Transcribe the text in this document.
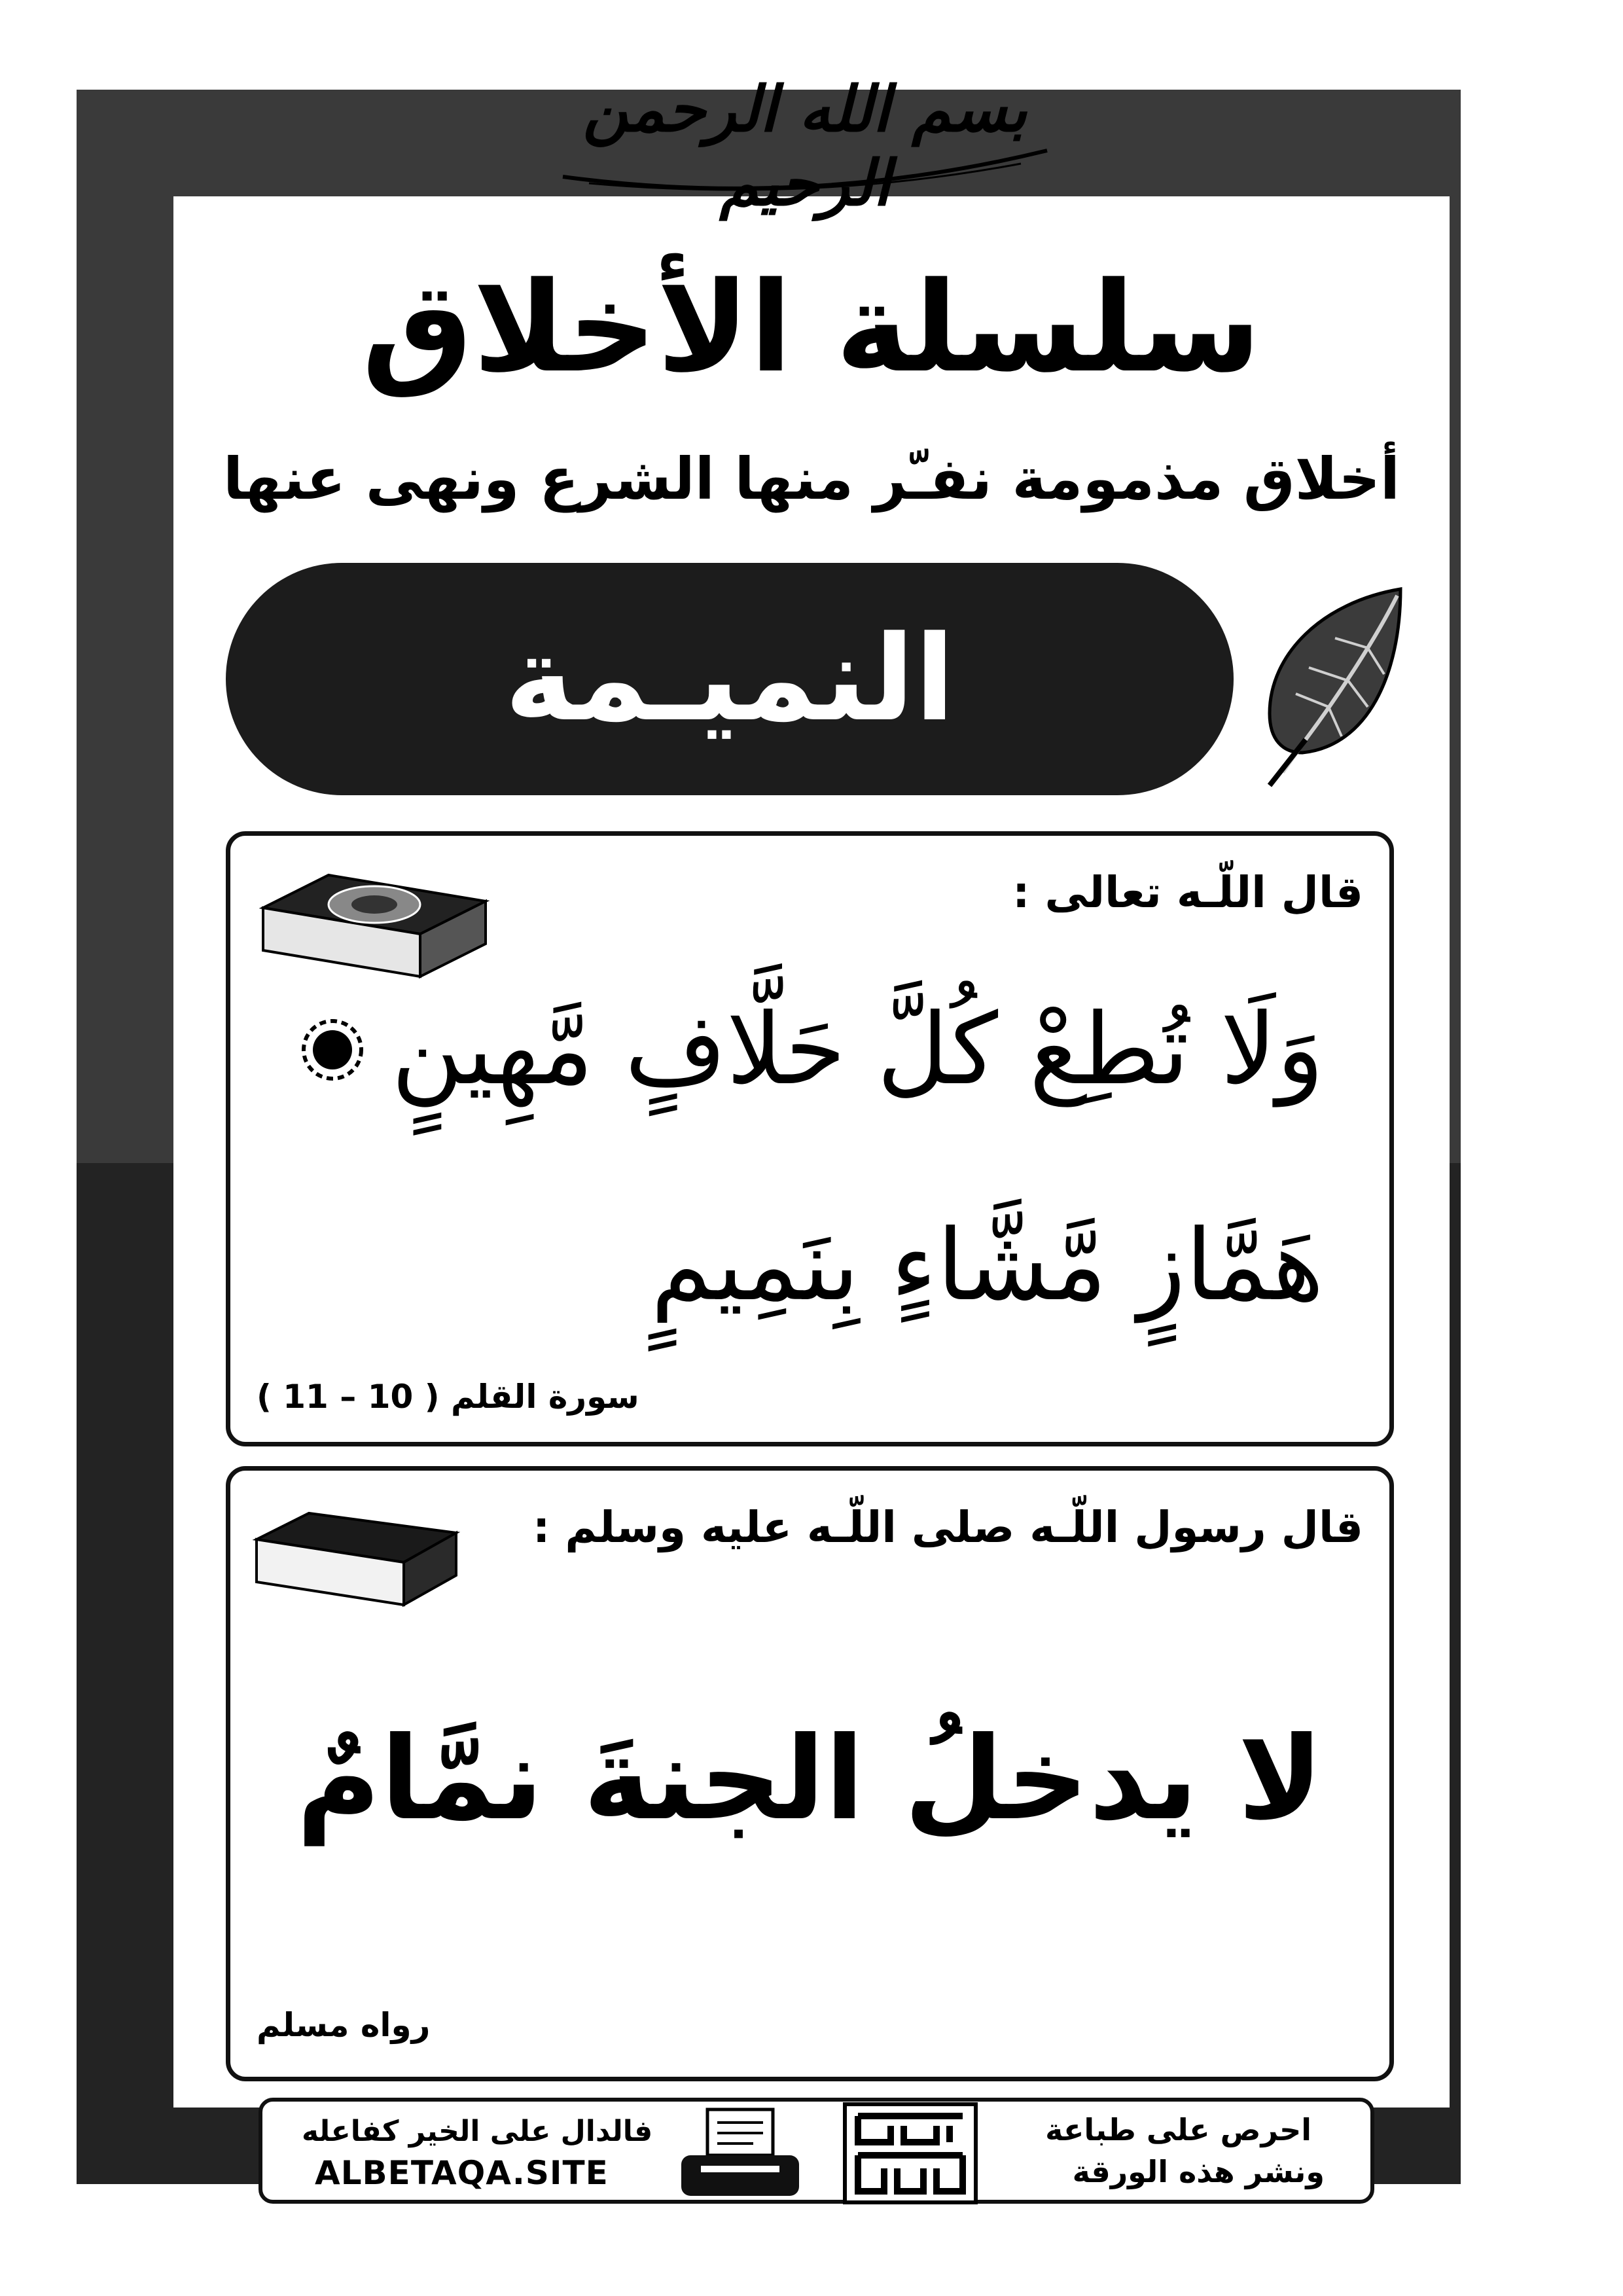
بسم الله الرحمن الرحيم
سلسلة الأخلاق
أخلاق مذمومة نفـّر منها الشرع ونهى عنها
النميـمة
قال اللّـه تعالى :
وَلَا تُطِعْ كُلَّ حَلَّافٍ مَّهِينٍ
هَمَّازٍ مَّشَّاءٍ بِنَمِيمٍ
سورة القلم ( 10 – 11 )
قال رسول اللّـه صلى اللّـه عليه وسلم :
لا يدخلُ الجنةَ نمَّامٌ
رواه مسلم
فالدال على الخير كفاعله
ALBETAQA.SITE
احرص على طباعة
ونشر هذه الورقة
